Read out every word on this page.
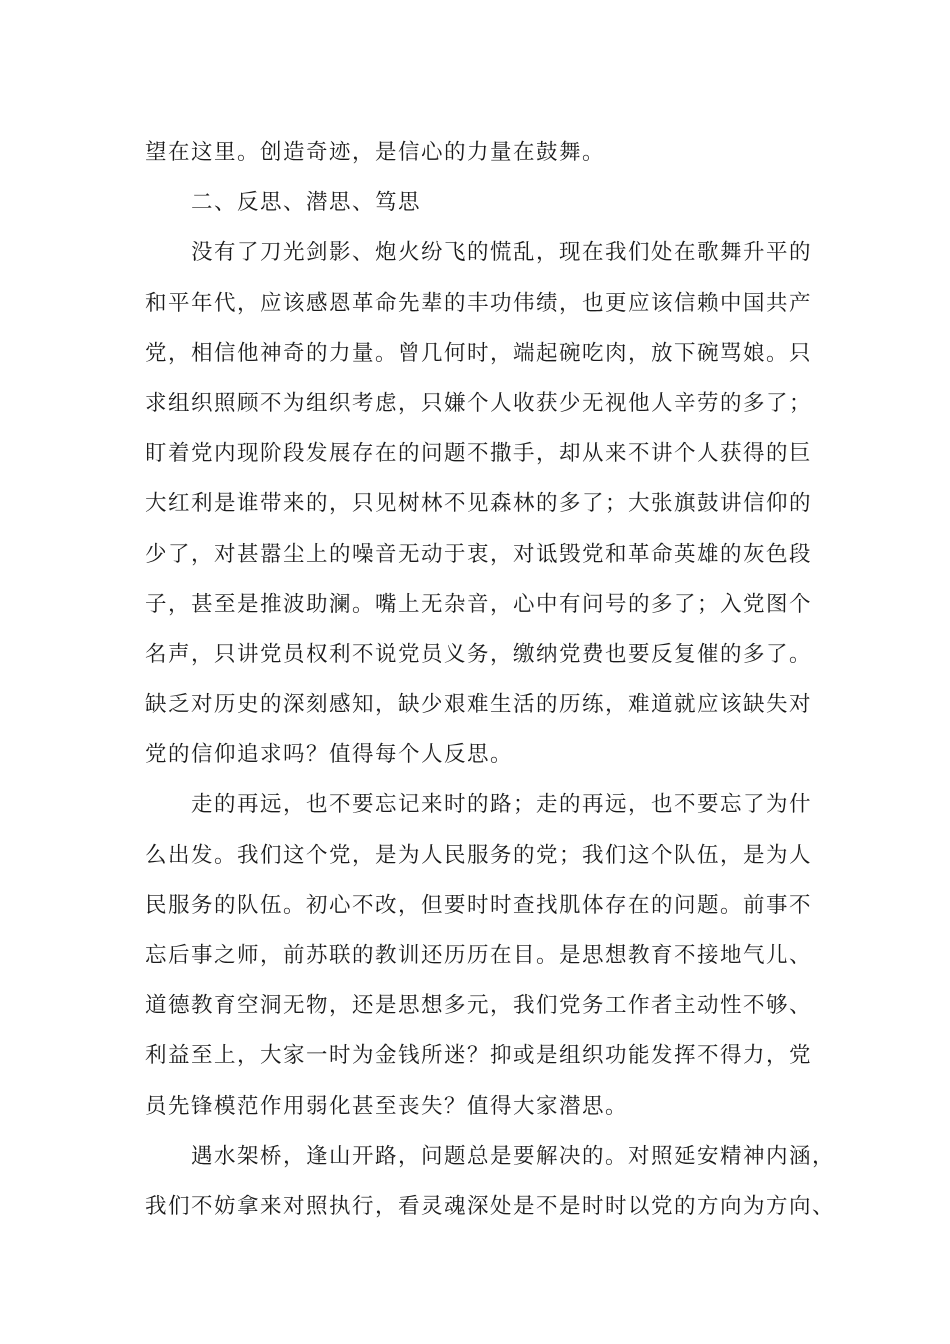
望在这里。创造奇迹，是信心的力量在鼓舞。
二、反思、潜思、笃思
没有了刀光剑影、炮火纷飞的慌乱，现在我们处在歌舞升平的
和平年代，应该感恩革命先辈的丰功伟绩，也更应该信赖中国共产
党，相信他神奇的力量。曾几何时，端起碗吃肉，放下碗骂娘。只
求组织照顾不为组织考虑，只嫌个人收获少无视他人辛劳的多了；
盯着党内现阶段发展存在的问题不撒手，却从来不讲个人获得的巨
大红利是谁带来的，只见树林不见森林的多了；大张旗鼓讲信仰的
少了，对甚嚣尘上的噪音无动于衷，对诋毁党和革命英雄的灰色段
子，甚至是推波助澜。嘴上无杂音，心中有问号的多了；入党图个
名声，只讲党员权利不说党员义务，缴纳党费也要反复催的多了。
缺乏对历史的深刻感知，缺少艰难生活的历练，难道就应该缺失对
党的信仰追求吗？值得每个人反思。
走的再远，也不要忘记来时的路；走的再远，也不要忘了为什
么出发。我们这个党，是为人民服务的党；我们这个队伍，是为人
民服务的队伍。初心不改，但要时时查找肌体存在的问题。前事不
忘后事之师，前苏联的教训还历历在目。是思想教育不接地气儿、
道德教育空洞无物，还是思想多元，我们党务工作者主动性不够、
利益至上，大家一时为金钱所迷？抑或是组织功能发挥不得力，党
员先锋模范作用弱化甚至丧失？值得大家潜思。
遇水架桥，逢山开路，问题总是要解决的。对照延安精神内涵，
我们不妨拿来对照执行，看灵魂深处是不是时时以党的方向为方向、
